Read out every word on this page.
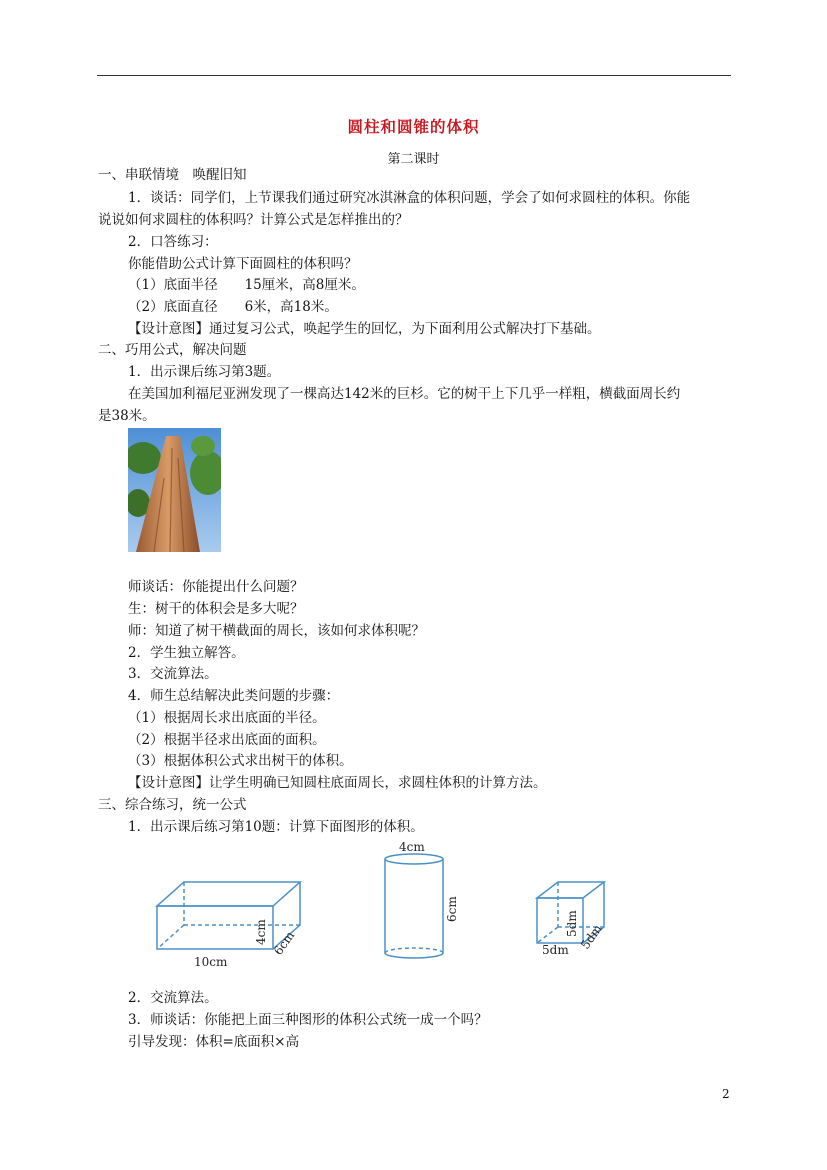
圆柱和圆锥的体积
第二课时
一、串联情境　唤醒旧知
1．谈话：同学们，上节课我们通过研究冰淇淋盒的体积问题，学会了如何求圆柱的体积。你能
说说如何求圆柱的体积吗？计算公式是怎样推出的？
2．口答练习：
你能借助公式计算下面圆柱的体积吗？
（1）底面半径　　15厘米，高8厘米。
（2）底面直径　　6米，高18米。
【设计意图】通过复习公式，唤起学生的回忆，为下面利用公式解决打下基础。
二、巧用公式，解决问题
1．出示课后练习第3题。
在美国加利福尼亚洲发现了一棵高达142米的巨杉。它的树干上下几乎一样粗，横截面周长约
是38米。
师谈话：你能提出什么问题？
生：树干的体积会是多大呢？
师：知道了树干横截面的周长，该如何求体积呢？
2．学生独立解答。
3．交流算法。
4．师生总结解决此类问题的步骤：
（1）根据周长求出底面的半径。
（2）根据半径求出底面的面积。
（3）根据体积公式求出树干的体积。
【设计意图】让学生明确已知圆柱底面周长，求圆柱体积的计算方法。
三、综合练习，统一公式
1．出示课后练习第10题：计算下面图形的体积。
10cm
4cm 6cm
4cm
6cm
5dm
5dm 5dm
2．交流算法。
3．师谈话：你能把上面三种图形的体积公式统一成一个吗？
引导发现：体积=底面积×高
2
